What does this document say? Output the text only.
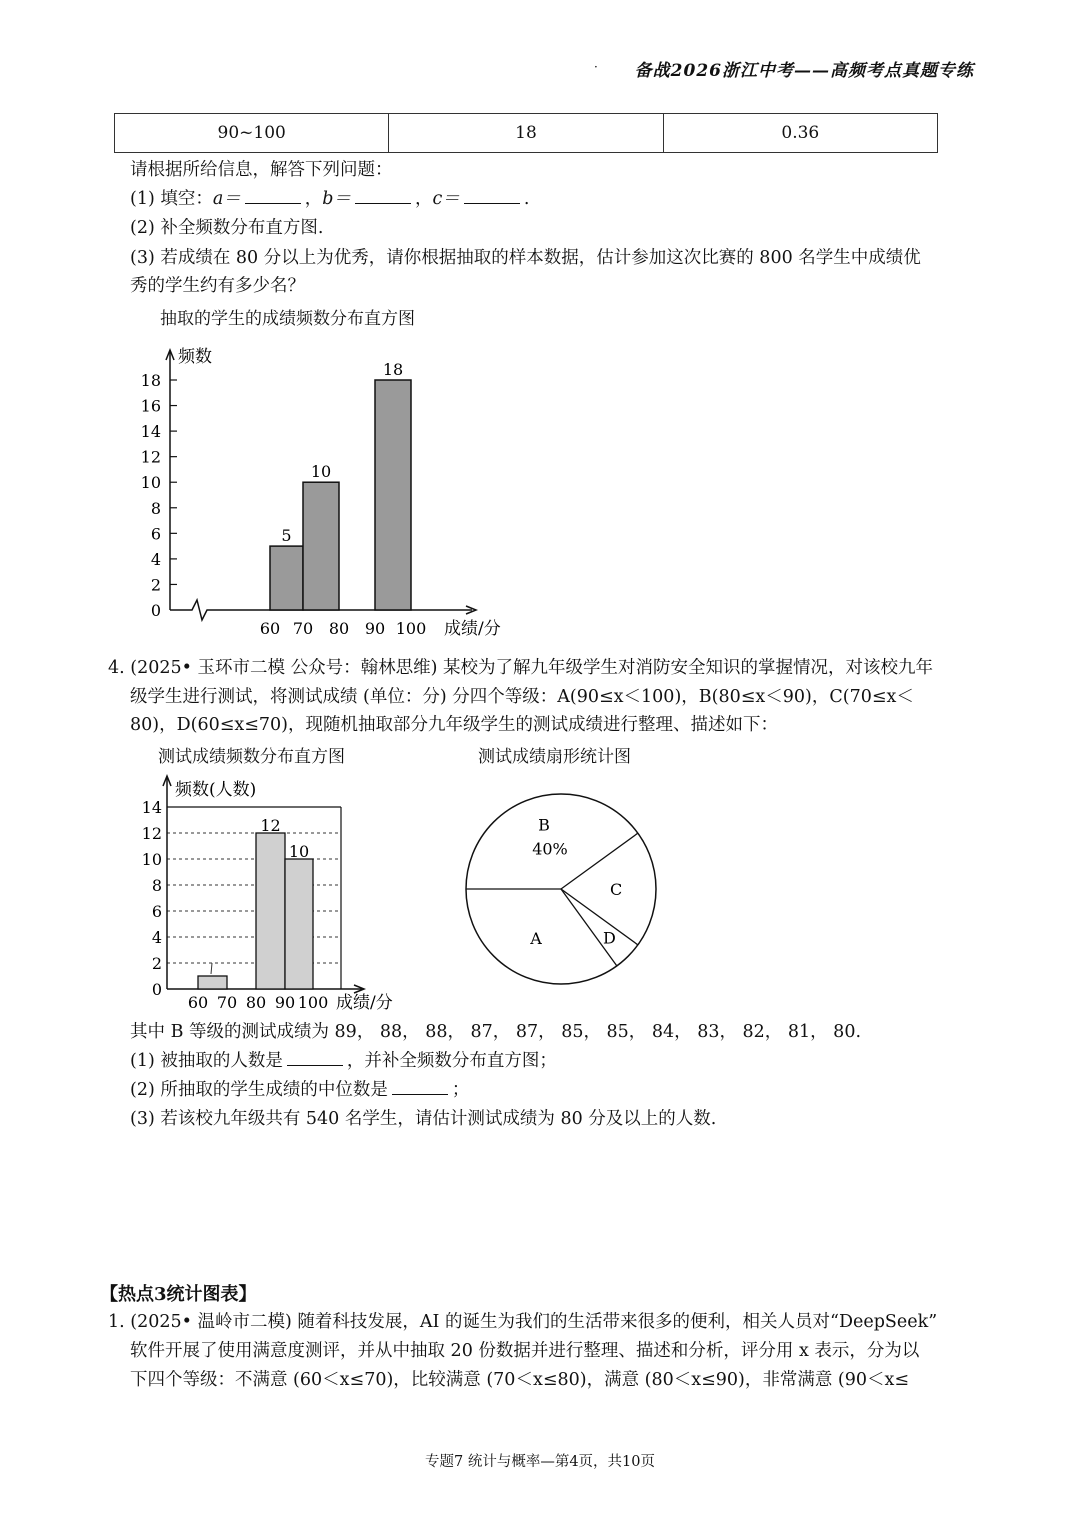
· 备战2026浙江中考——高频考点真题专练
90~100	18	0.36
请根据所给信息，解答下列问题：
(1) 填空：a＝	，b＝	，c＝	.
(2) 补全频数分布直方图.
(3) 若成绩在 80 分以上为优秀，请你根据抽取的样本数据，估计参加这次比赛的 800 名学生中成绩优
秀的学生约有多少名？
抽取的学生的成绩频数分布直方图
频数
成绩/分
0
2
4
6
8
10
12
14
16
18
60 70 80 90 100
5
10
18
4. (2025• 玉环市二模 公众号：翰林思维) 某校为了解九年级学生对消防安全知识的掌握情况，对该校九年
级学生进行测试，将测试成绩 (单位：分) 分四个等级：A(90≤x＜100)，B(80≤x＜90)，C(70≤x＜
80)，D(60≤x≤70)，现随机抽取部分九年级学生的测试成绩进行整理、描述如下：
测试成绩频数分布直方图	测试成绩扇形统计图
频数(人数)
成绩/分
0
2
4
6
8
10
12
14
60 70 80 90 100
12
10
B
40%
C
D
A
其中 B 等级的测试成绩为 89， 88， 88， 87， 87， 85， 85， 84， 83， 82， 81， 80.
(1) 被抽取的人数是	，并补全频数分布直方图；
(2) 所抽取的学生成绩的中位数是	；
(3) 若该校九年级共有 540 名学生，请估计测试成绩为 80 分及以上的人数.
【热点3统计图表】
1. (2025• 温岭市二模) 随着科技发展，AI 的诞生为我们的生活带来很多的便利，相关人员对“DeepSeek”
软件开展了使用满意度测评，并从中抽取 20 份数据并进行整理、描述和分析，评分用 x 表示，分为以
下四个等级：不满意 (60＜x≤70)，比较满意 (70＜x≤80)，满意 (80＜x≤90)，非常满意 (90＜x≤
专题7 统计与概率—第4页，共10页
